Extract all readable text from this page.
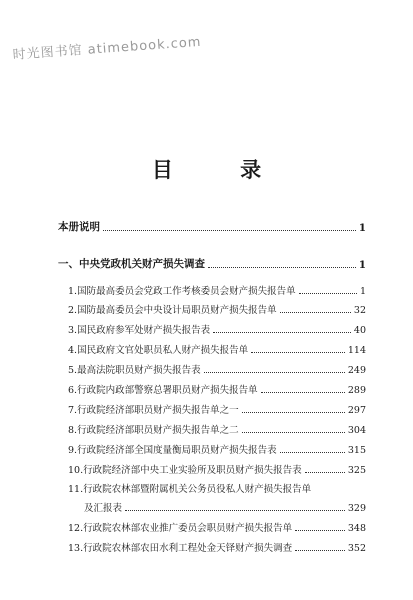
时光图书馆 atimebook.com
目 录
本册说明	1
一、中央党政机关财产损失调查	1
1.国防最高委员会党政工作考核委员会财产损失报告单	1
2.国防最高委员会中央设计局职员财产损失报告单	32
3.国民政府参军处财产损失报告表	40
4.国民政府文官处职员私人财产损失报告单	114
5.最高法院职员财产损失报告表	249
6.行政院内政部警察总署职员财产损失报告单	289
7.行政院经济部职员财产损失报告单之一	297
8.行政院经济部职员财产损失报告单之二	304
9.行政院经济部全国度量衡局职员财产损失报告表	315
10.行政院经济部中央工业实验所及职员财产损失报告表	325
11.行政院农林部暨附属机关公务员役私人财产损失报告单
及汇报表	329
12.行政院农林部农业推广委员会职员财产损失报告单	348
13.行政院农林部农田水利工程处金天铎财产损失调查	352
